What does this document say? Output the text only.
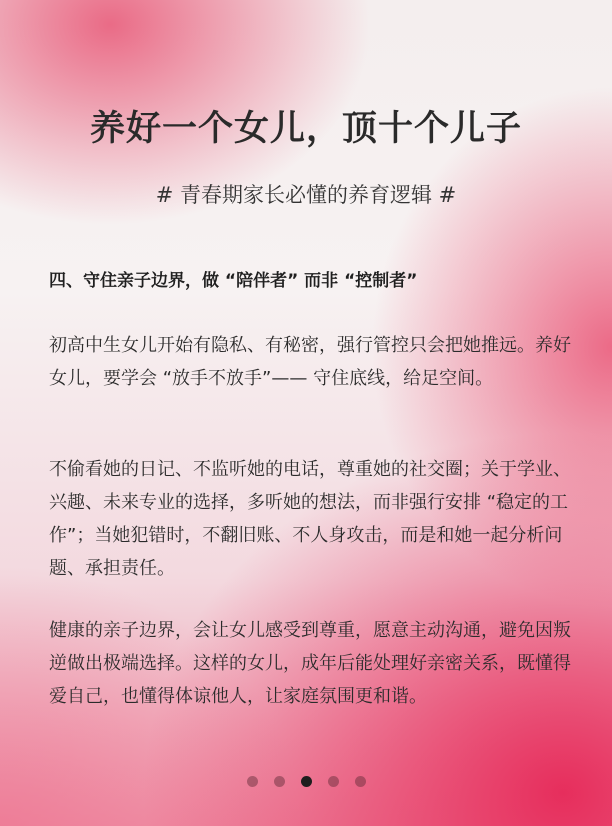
养好一个女儿，顶十个儿子
# 青春期家长必懂的养育逻辑 #
四、守住亲子边界，做 “陪伴者” 而非 “控制者”

初高中生女儿开始有隐私、有秘密，强行管控只会把她推远。养好女儿，要学会 “放手不放手”—— 守住底线，给足空间。

不偷看她的日记、不监听她的电话，尊重她的社交圈；关于学业、兴趣、未来专业的选择，多听她的想法，而非强行安排 “稳定的工作”；当她犯错时，不翻旧账、不人身攻击，而是和她一起分析问题、承担责任。

健康的亲子边界，会让女儿感受到尊重，愿意主动沟通，避免因叛逆做出极端选择。这样的女儿，成年后能处理好亲密关系，既懂得爱自己，也懂得体谅他人，让家庭氛围更和谐。
